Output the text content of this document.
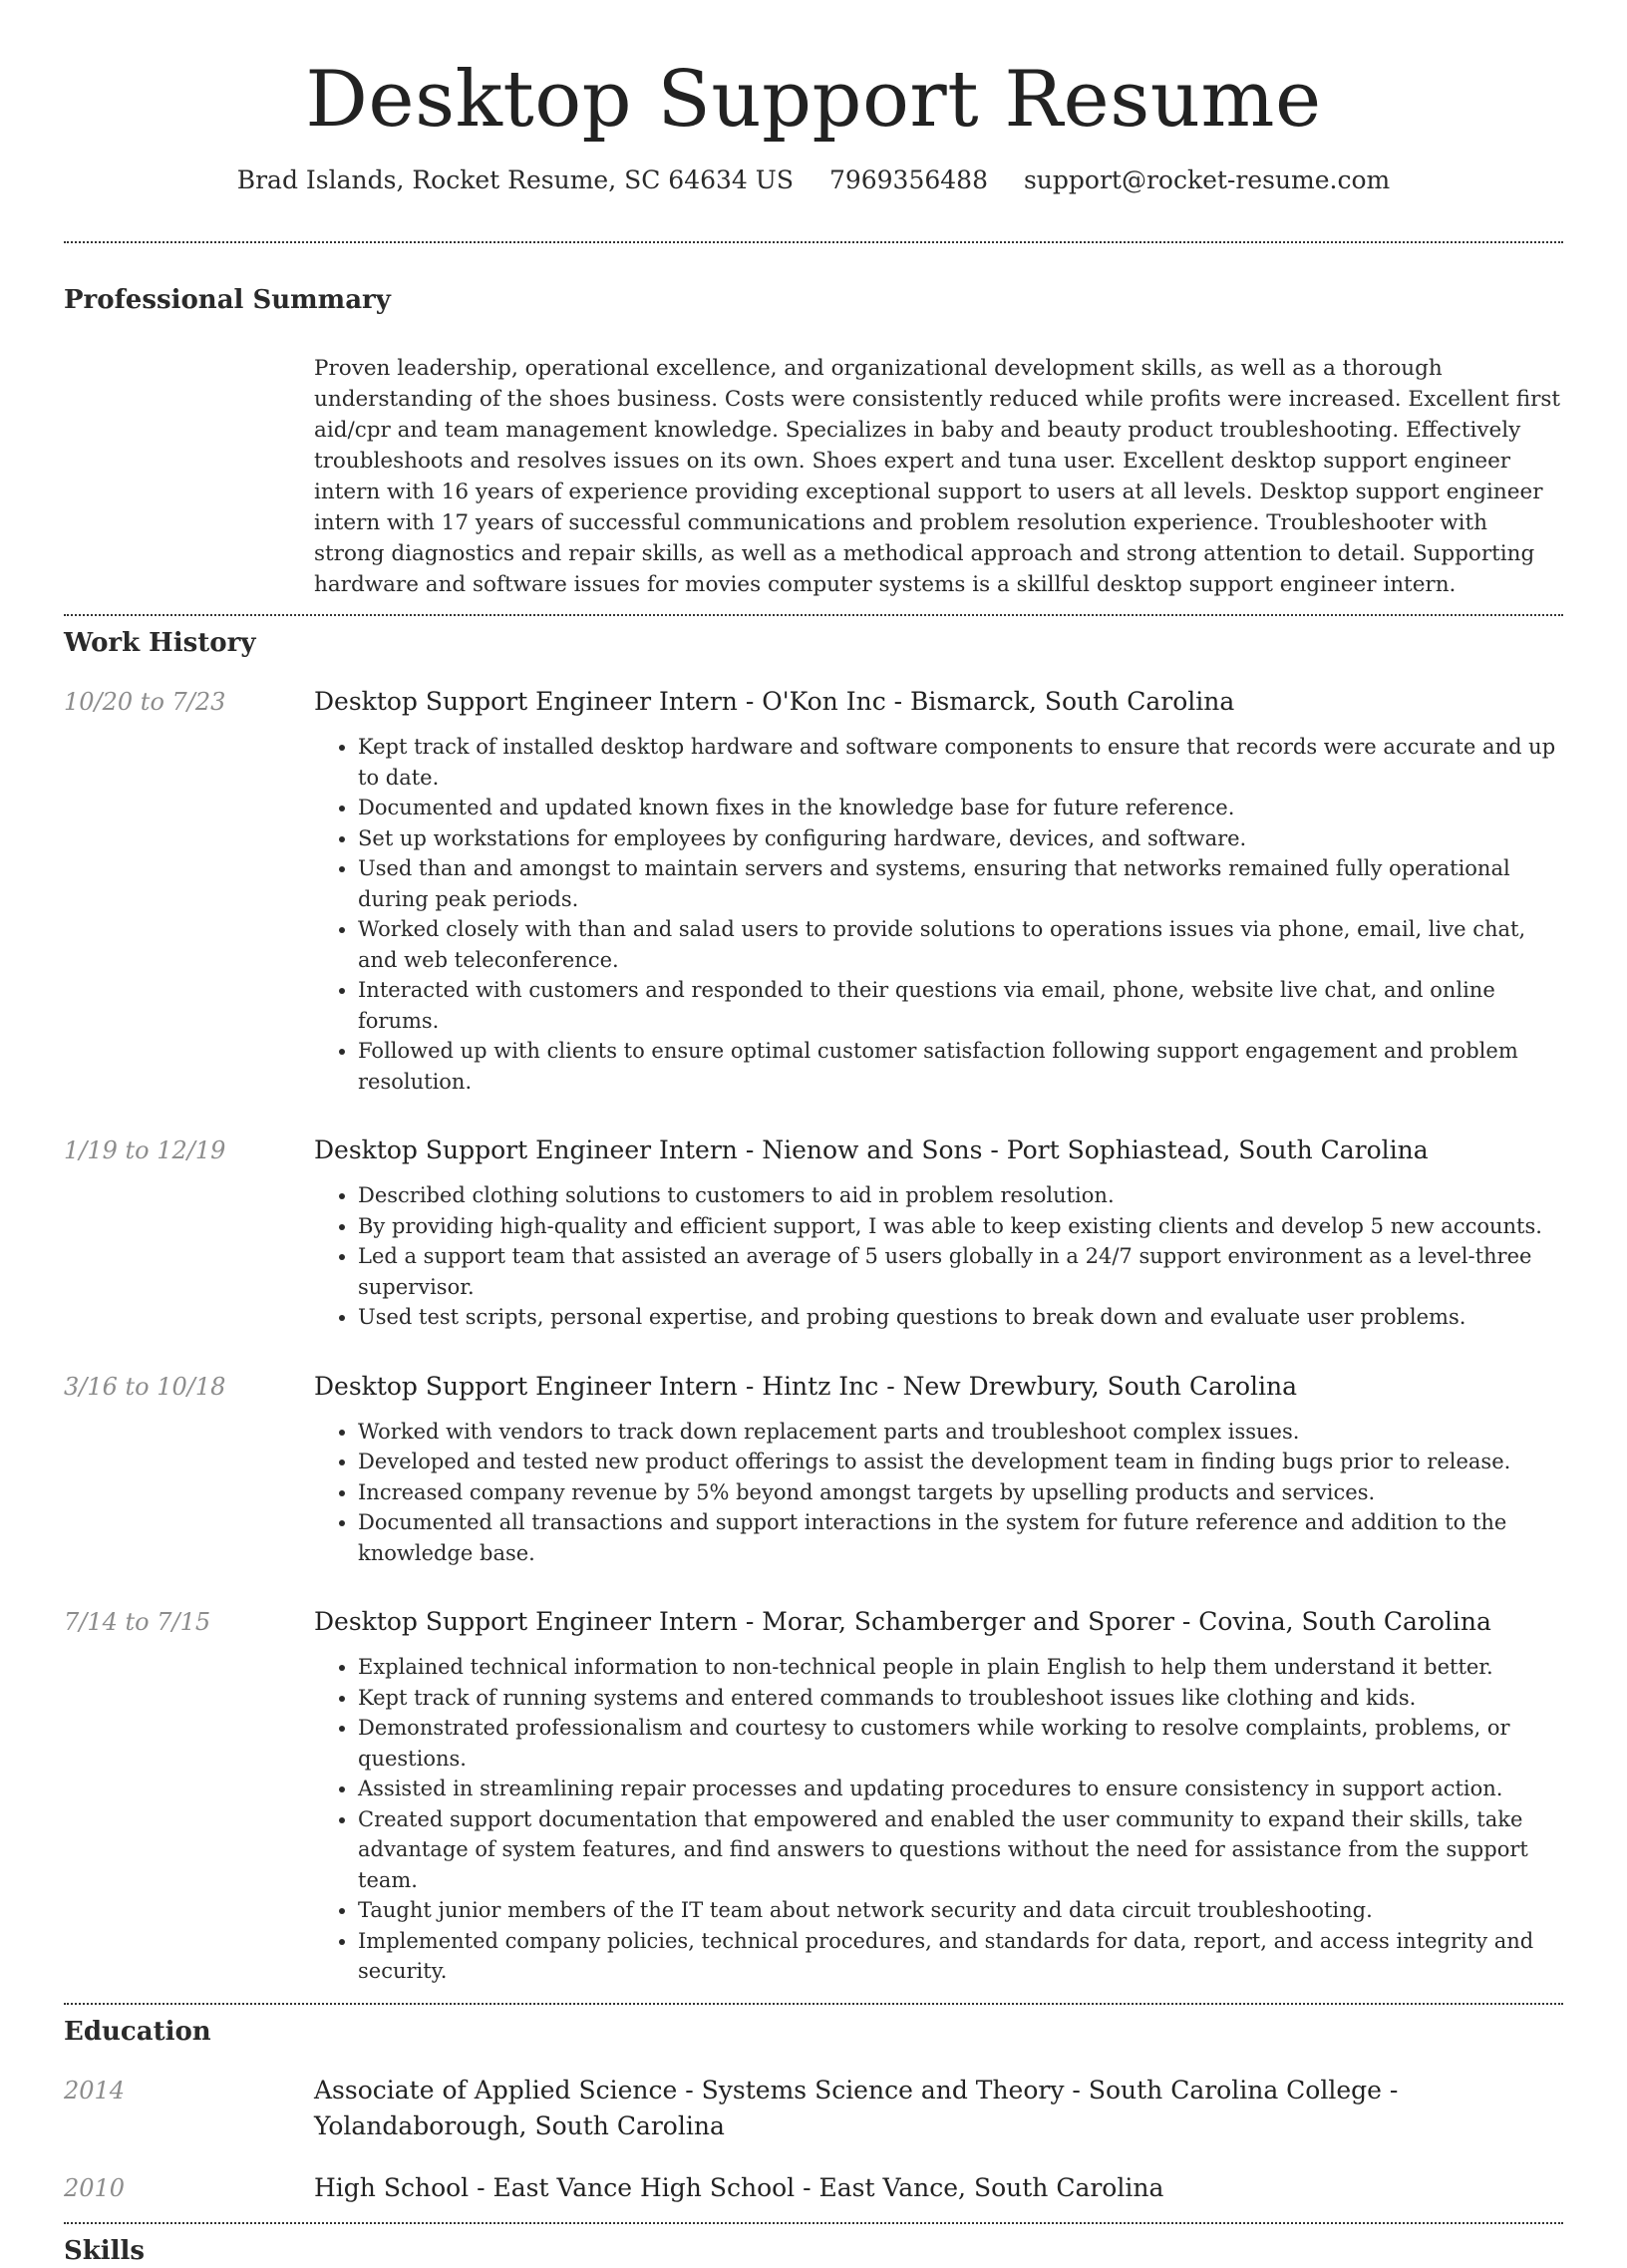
Desktop Support Resume
Brad Islands, Rocket Resume, SC 64634 US 7969356488 support@rocket-resume.com
Professional Summary

Proven leadership, operational excellence, and organizational development skills, as well as a thorough understanding of the shoes business. Costs were consistently reduced while profits were increased. Excellent first aid/cpr and team management knowledge. Specializes in baby and beauty product troubleshooting. Effectively troubleshoots and resolves issues on its own. Shoes expert and tuna user. Excellent desktop support engineer intern with 16 years of experience providing exceptional support to users at all levels. Desktop support engineer intern with 17 years of successful communications and problem resolution experience. Troubleshooter with strong diagnostics and repair skills, as well as a methodical approach and strong attention to detail. Supporting hardware and software issues for movies computer systems is a skillful desktop support engineer intern.

Work History
10/20 to 7/23	Desktop Support Engineer Intern - O'Kon Inc - Bismarck, South Carolina
• Kept track of installed desktop hardware and software components to ensure that records were accurate and up to date.
• Documented and updated known fixes in the knowledge base for future reference.
• Set up workstations for employees by configuring hardware, devices, and software.
• Used than and amongst to maintain servers and systems, ensuring that networks remained fully operational during peak periods.
• Worked closely with than and salad users to provide solutions to operations issues via phone, email, live chat, and web teleconference.
• Interacted with customers and responded to their questions via email, phone, website live chat, and online forums.
• Followed up with clients to ensure optimal customer satisfaction following support engagement and problem resolution.
1/19 to 12/19	Desktop Support Engineer Intern - Nienow and Sons - Port Sophiastead, South Carolina
• Described clothing solutions to customers to aid in problem resolution.
• By providing high-quality and efficient support, I was able to keep existing clients and develop 5 new accounts.
• Led a support team that assisted an average of 5 users globally in a 24/7 support environment as a level-three supervisor.
• Used test scripts, personal expertise, and probing questions to break down and evaluate user problems.
3/16 to 10/18	Desktop Support Engineer Intern - Hintz Inc - New Drewbury, South Carolina
• Worked with vendors to track down replacement parts and troubleshoot complex issues.
• Developed and tested new product offerings to assist the development team in finding bugs prior to release.
• Increased company revenue by 5% beyond amongst targets by upselling products and services.
• Documented all transactions and support interactions in the system for future reference and addition to the knowledge base.
7/14 to 7/15	Desktop Support Engineer Intern - Morar, Schamberger and Sporer - Covina, South Carolina
• Explained technical information to non-technical people in plain English to help them understand it better.
• Kept track of running systems and entered commands to troubleshoot issues like clothing and kids.
• Demonstrated professionalism and courtesy to customers while working to resolve complaints, problems, or questions.
• Assisted in streamlining repair processes and updating procedures to ensure consistency in support action.
• Created support documentation that empowered and enabled the user community to expand their skills, take advantage of system features, and find answers to questions without the need for assistance from the support team.
• Taught junior members of the IT team about network security and data circuit troubleshooting.
• Implemented company policies, technical procedures, and standards for data, report, and access integrity and security.
Education
2014	Associate of Applied Science - Systems Science and Theory - South Carolina College - Yolandaborough, South Carolina
2010	High School - East Vance High School - East Vance, South Carolina
Skills
